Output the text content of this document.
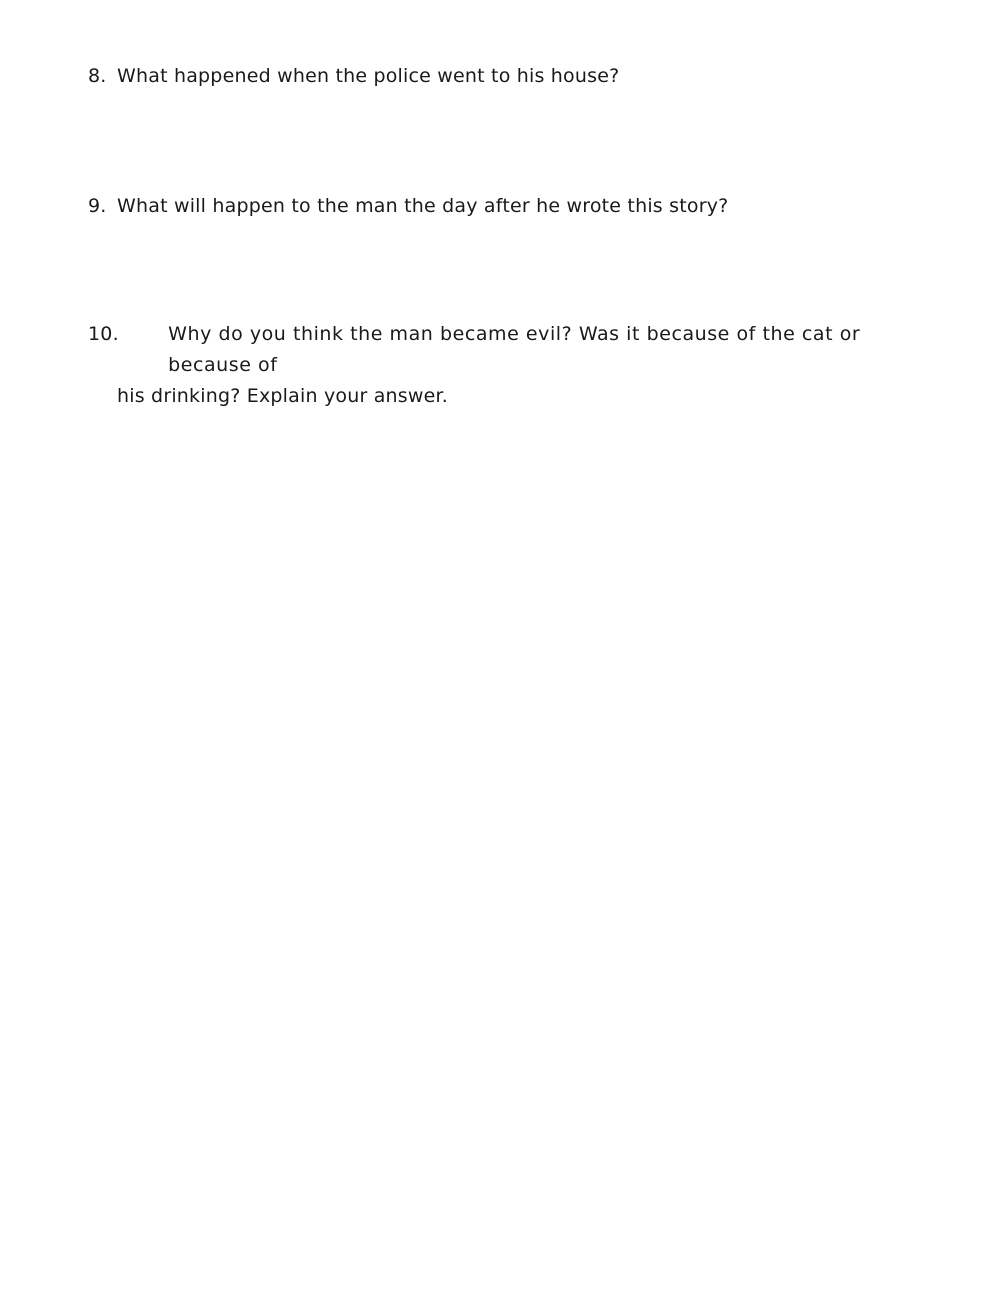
8. What happened when the police went to his house?
9. What will happen to the man the day after he wrote this story?
10.	Why do you think the man became evil? Was it because of the cat or because of
his drinking? Explain your answer.
